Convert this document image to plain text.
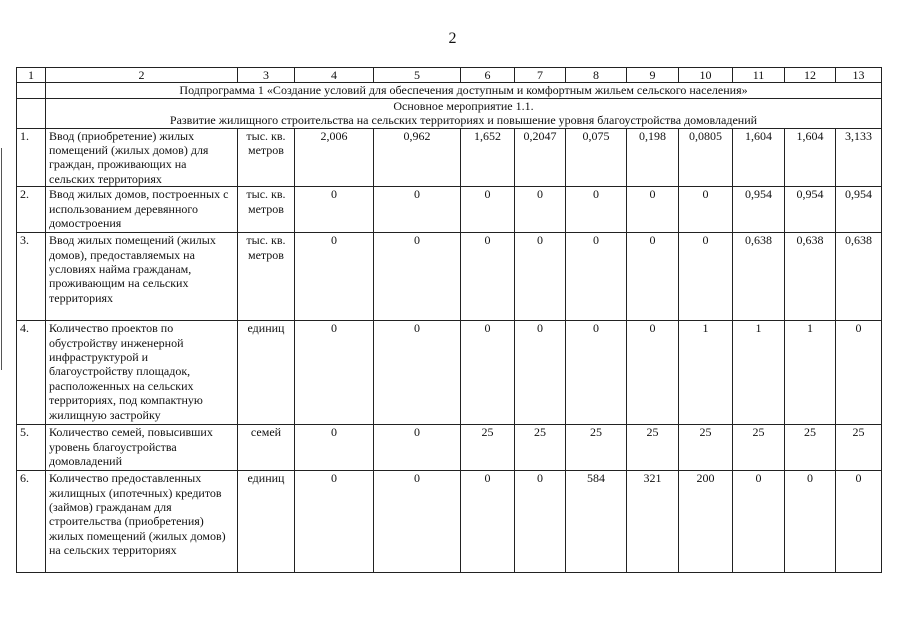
2
1	2	3	4	5	6	7	8	9	10	11	12	13
	Подпрограмма 1 «Создание условий для обеспечения доступным и комфортным жильем сельского населения»											

	Основное мероприятие 1.1.
Развитие жилищного строительства на сельских территориях и повышение уровня благоустройства домовладений											

1.	Ввод (приобретение) жилых помещений (жилых домов) для граждан, проживающих на сельских территориях	тыс. кв. метров	2,006	0,962	1,652	0,2047	0,075	0,198	0,0805	1,604	1,604	3,133
2.	Ввод жилых домов, построенных с использованием деревянного домостроения	тыс. кв. метров	0	0	0	0	0	0	0	0,954	0,954	0,954
3.	Ввод жилых помещений (жилых домов), предоставляемых на условиях найма гражданам, проживающим на сельских территориях	тыс. кв. метров	0	0	0	0	0	0	0	0,638	0,638	0,638
4.	Количество проектов по обустройству инженерной инфраструктурой и благоустройству площадок, расположенных на сельских территориях, под компактную жилищную застройку	единиц	0	0	0	0	0	0	1	1	1	0
5.	Количество семей, повысивших уровень благоустройства домовладений	семей	0	0	25	25	25	25	25	25	25	25
6.	Количество предоставленных жилищных (ипотечных) кредитов (займов) гражданам для строительства (приобретения) жилых помещений (жилых домов) на сельских территориях	единиц	0	0	0	0	584	321	200	0	0	0
